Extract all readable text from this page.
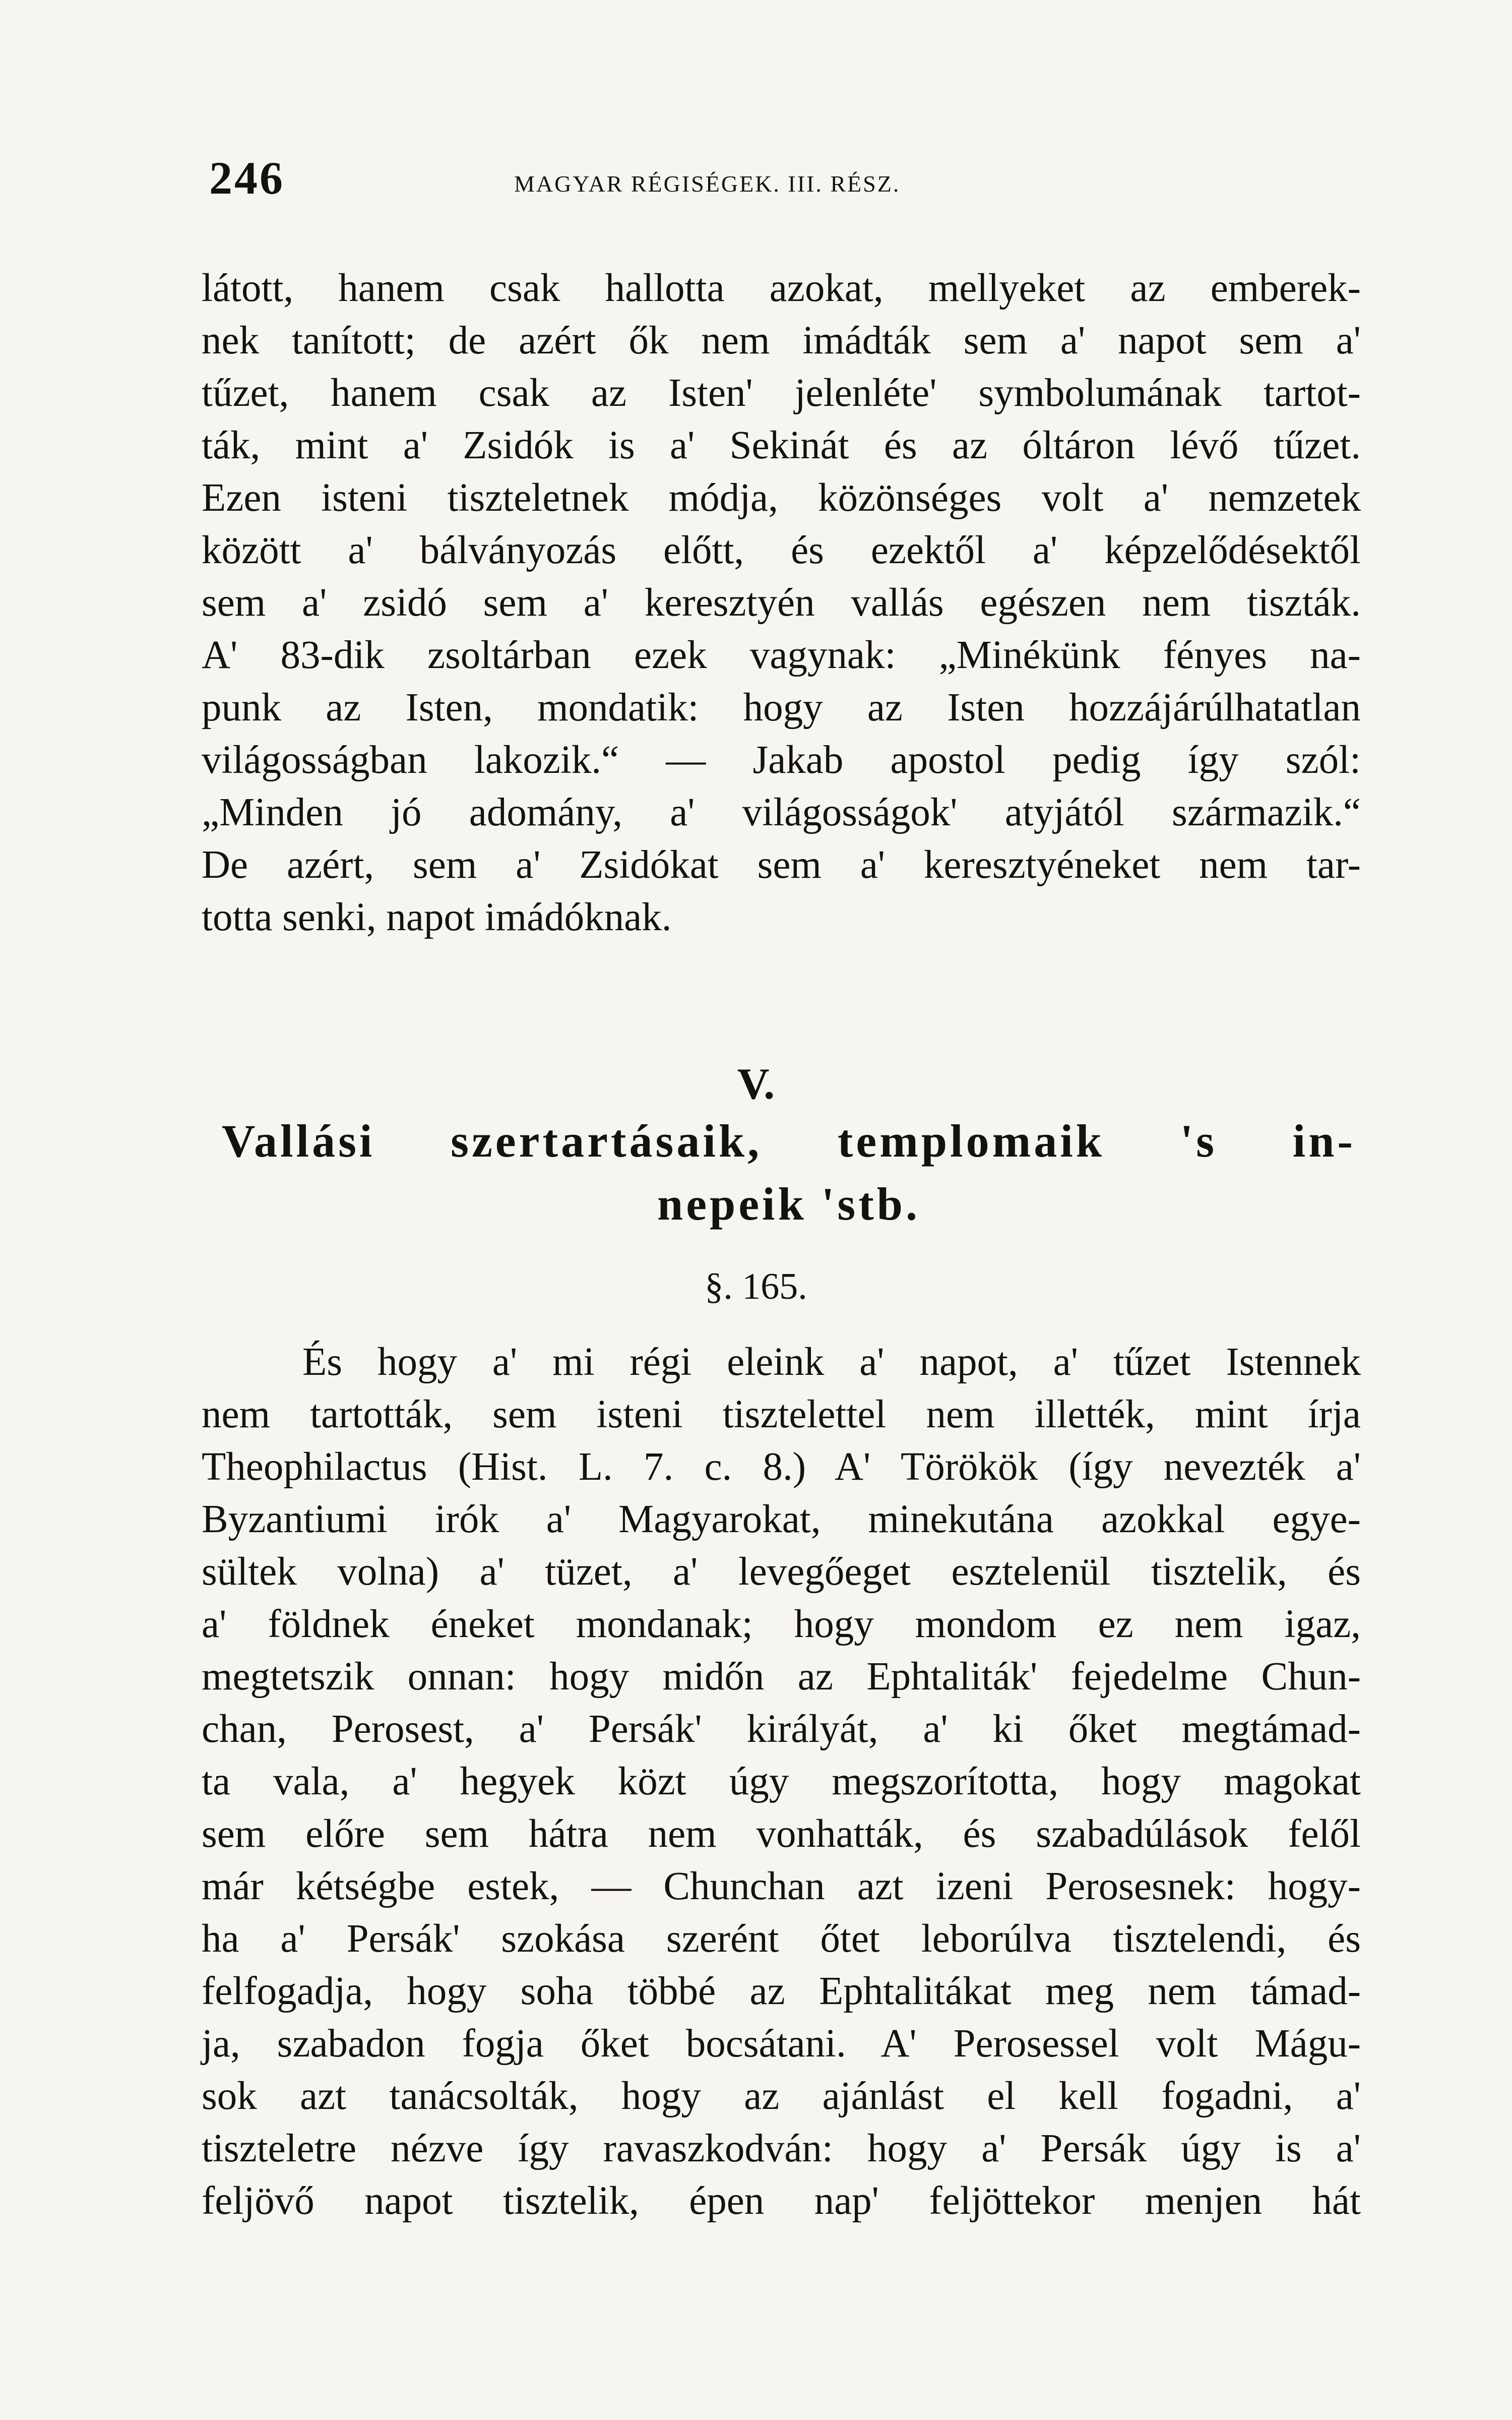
246	MAGYAR RÉGISÉGEK. III. RÉSZ.
látott, hanem csak hallotta azokat, mellyeket az emberek-
nek tanított; de azért ők nem imádták sem a' napot sem a'
tűzet, hanem csak az Isten' jelenléte' symbolumának tartot-
ták, mint a' Zsidók is a' Sekinát és az óltáron lévő tűzet.
Ezen isteni tiszteletnek módja, közönséges volt a' nemzetek
között a' bálványozás előtt, és ezektől a' képzelődésektől
sem a' zsidó sem a' keresztyén vallás egészen nem tiszták.
A' 83-dik zsoltárban ezek vagynak: „Minékünk fényes na-
punk az Isten, mondatik: hogy az Isten hozzájárúlhatatlan
világosságban lakozik.“ — Jakab apostol pedig így szól:
„Minden jó adomány, a' világosságok' atyjától származik.“
De azért, sem a' Zsidókat sem a' keresztyéneket nem tar-
totta senki, napot imádóknak.
V.
Vallási szertartásaik, templomaik 's in-
nepeik 'stb.
§. 165.
És hogy a' mi régi eleink a' napot, a' tűzet Istennek
nem tartották, sem isteni tisztelettel nem illették, mint írja
Theophilactus (Hist. L. 7. c. 8.) A' Törökök (így nevezték a'
Byzantiumi irók a' Magyarokat, minekutána azokkal egye-
sültek volna) a' tüzet, a' levegőeget esztelenül tisztelik, és
a' földnek éneket mondanak; hogy mondom ez nem igaz,
megtetszik onnan: hogy midőn az Ephtaliták' fejedelme Chun-
chan, Perosest, a' Persák' királyát, a' ki őket megtámad-
ta vala, a' hegyek közt úgy megszorította, hogy magokat
sem előre sem hátra nem vonhatták, és szabadúlások felől
már kétségbe estek, — Chunchan azt izeni Perosesnek: hogy-
ha a' Persák' szokása szerént őtet leborúlva tisztelendi, és
felfogadja, hogy soha többé az Ephtalitákat meg nem támad-
ja, szabadon fogja őket bocsátani. A' Perosessel volt Mágu-
sok azt tanácsolták, hogy az ajánlást el kell fogadni, a'
tiszteletre nézve így ravaszkodván: hogy a' Persák úgy is a'
feljövő napot tisztelik, épen nap' feljöttekor menjen hát
